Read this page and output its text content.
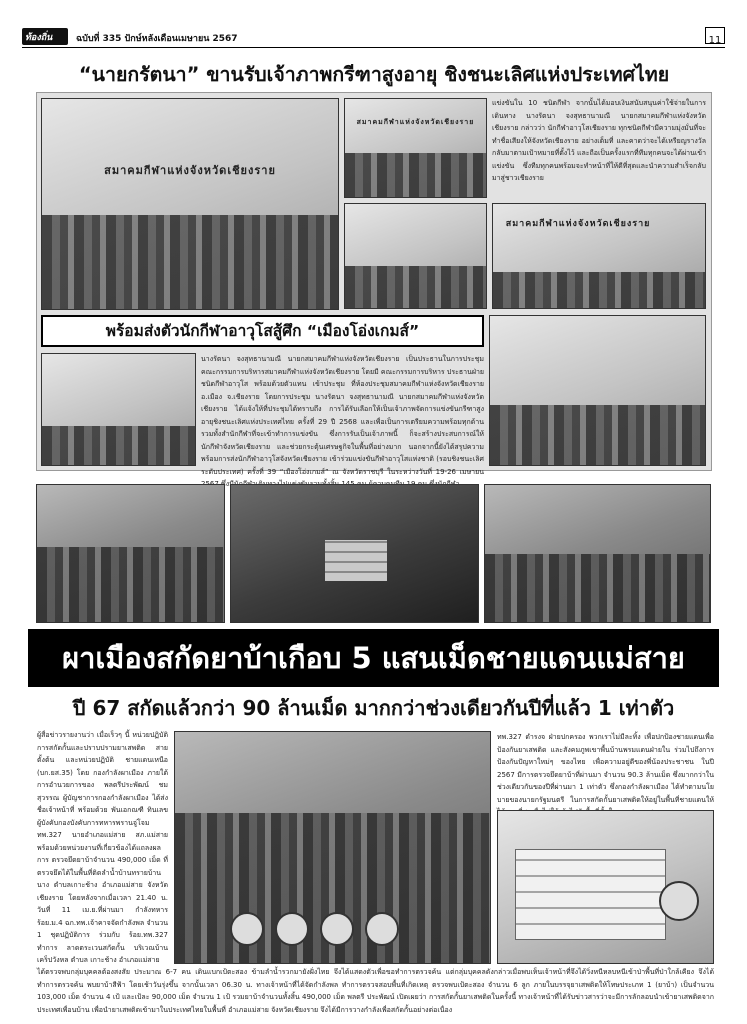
ท้องถิ่น	ฉบับที่ 335 ปักษ์หลังเดือนเมษายน 2567	11
“นายกรัตนา” ขานรับเจ้าภาพกรีฑาสูงอายุ ชิงชนะเลิศแห่งประเทศไทย
สมาคมกีฬาแห่งจังหวัดเชียงราย
สมาคมกีฬาแห่งจังหวัดเชียงราย
สมาคมกีฬาแห่งจังหวัดเชียงราย
แข่งขันใน 10 ชนิดกีฬา จากนั้นได้มอบเงินสนับสนุนค่าใช้จ่ายในการเดินทาง นางรัตนา จงสุทธานามณี นายกสมาคมกีฬาแห่งจังหวัดเชียงราย กล่าวว่า นักกีฬาอาวุโสเชียงราย ทุกชนิดกีฬามีความมุ่งมั่นที่จะทำชื่อเสียงให้จังหวัดเชียงราย อย่างเต็มที่ และคาดว่าจะได้เหรียญรางวัลกลับมาตามเป้าหมายที่ตั้งไว้ และถือเป็นครั้งแรกที่ทีมทุกคนจะได้ผ่านเข้าแข่งขัน ซึ่งทีมทุกคนพร้อมจะทำหน้าที่ให้ดีที่สุดและนำความสำเร็จกลับมาสู่ชาวเชียงราย
พร้อมส่งตัวนักกีฬาอาวุโสสู้ศึก “เมืองโอ่งเกมส์”
นางรัตนา จงสุทธานามณี นายกสมาคมกีฬาแห่งจังหวัดเชียงราย เป็นประธานในการประชุมคณะกรรมการบริหารสมาคมกีฬาแห่งจังหวัดเชียงราย โดยมี คณะกรรมการบริหาร ประธานฝ่ายชนิดกีฬาอาวุโส พร้อมด้วยตัวแทน เข้าประชุม ที่ห้องประชุมสมาคมกีฬาแห่งจังหวัดเชียงราย อ.เมือง จ.เชียงราย โดยการประชุม นางรัตนา จงสุทธานามณี นายกสมาคมกีฬาแห่งจังหวัดเชียงราย ได้แจ้งให้ที่ประชุมได้ทราบถึง การได้รับเลือกให้เป็นเจ้าภาพจัดการแข่งขันกรีฑาสูงอายุชิงชนะเลิศแห่งประเทศไทย ครั้งที่ 29 ปี 2568 และเพื่อเป็นการเตรียมความพร้อมทุกด้าน รวมทั้งสำนักกีฬาที่จะเข้าทำการแข่งขัน ซึ่งการรับเป็นเจ้าภาพนี้ ก็จะสร้างประสบการณ์ให้นักกีฬาจังหวัดเชียงราย และช่วยกระตุ้นเศรษฐกิจในพื้นที่อย่างมาก นอกจากนี้ยังได้สรุปความพร้อมการส่งนักกีฬาอาวุโสจังหวัดเชียงราย เข้าร่วมแข่งขันกีฬาอาวุโสแห่งชาติ (รอบชิงชนะเลิศระดับประเทศ) ครั้งที่ 39 “เมืองโอ่งเกมส์” ณ จังหวัดราชบุรี ในระหว่างวันที่ 19-26 เมษายน
ผาเมืองสกัดยาบ้าเกือบ 5 แสนเม็ดชายแดนแม่สาย
ปี 67 สกัดแล้วกว่า 90 ล้านเม็ด มากกว่าช่วงเดียวกันปีที่แล้ว 1 เท่าตัว
ผู้สื่อข่าวรายงานว่า เมื่อเร็วๆ นี้ หน่วยปฏิบัติการสกัดกั้นและปราบปรามยาเสพติด สาย ตั้งต้น และหน่วยปฏิบัติ ชายแดนเหนือ (บก.ยส.35) โดย กองกำลังผาเมือง ภายใต้การอำนวยการของ พลตรีประพัฒน์ ชมสุวรรณ ผู้บัญชาการกองกำลังผาเมือง ได้ส่งชื่อเจ้าหน้าที่ พร้อมด้วย พันเอกณฑี ทินเลข ผู้บังคับกองบังคับการทหารพรานจู่โจม ทพ.327 นายอำเภอแม่สาย สภ.แม่สาย พร้อมด้วยหน่วยงานที่เกี่ยวข้องได้แถลงผลการ ตรวจยึดยาบ้าจำนวน 490,000 เม็ด ที่ตรวจยึดได้ในพื้นที่ติดลำน้ำบ้านทรายบ้านนาง ตำบลเกาะช้าง อำเภอแม่สาย จังหวัดเชียงราย โดยหลังจากเมื่อเวลา 21.40 น. วันที่ 11 เม.ย.ที่ผ่านมา กำลังทหาร ร้อย.ม.4 ฉก.ทพ.เจ้าคาจจัดกำลังพล จำนวน 1 ชุดปฏิบัติการ ร่วมกับ ร้อย.ทพ.327 ทำการ ลาดตระเวนสกัดกั้น บริเวณบ้านเคร็ปวังหล ตำบล เกาะช้าง อำเภอแม่สาย
ทพ.327 ดำรงจ ฝ่ายปกครอง พวกเราไม่มีละทิ้ง เพื่อปกป้องชายแดนเพื่อป้องกันยาเสพติด และสังคมภูพเขาพื้นบ้านพรมแดนฝ่ายใน ร่วมไปถึงการป้องกันปัญหาใหม่ๆ ของไทย เพื่อความอยู่ดีของพี่น้องประชาชน ในปี 2567 มีการตรวจยึดยาบ้าที่ผ่านมา จำนวน 90.3 ล้านเม็ด ซึ่งมากกว่าในช่วงเดียวกันของปีที่ผ่านมา 1 เท่าตัว ซึ่งกองกำลังผาเมือง ได้ทำตามนโยบายของนายกรัฐมนตรี ในการสกัดกั้นยาเสพติดให้อยู่ในพื้นที่ชายแดนให้
ได้ตรวจพบกลุ่มบุคคลต้องสงสัย ประมาณ 6-7 คน เดินแบกเป้ตะสอง ข้ามลำน้ำรวกมายังฝั่งไทย จึงได้แสดงตัวเพื่อขอทำการตรวจค้น แต่กลุ่มบุคคลดังกล่าวเมื่อพบเห็นเจ้าหน้าที่จึงได้วิ่งหนีหลบหนีเข้าป่าพื้นที่ป่าใกล้เคียง จึงได้ทำการตรวจค้น พบยาบ้าสีฟ้า โดยเช้าวันรุ่งขึ้น จากนั้นเวลา 06.30 น. ทางเจ้าหน้าที่ได้จัดกำลังพล ทำการตรวจสอบพื้นที่เกิดเหตุ ตรวจพบเป้ตะสอง จำนวน 6 ลูก ภายในบรรจุยาเสพติดให้โทษประเภท 1 (ยาบ้า) เป็นจำนวน 103,000 เม็ด จำนวน 4 เป้ และเป้ละ 90,000 เม็ด จำนวน 1 เป้ รวมยาบ้าจำนวนทั้งสิ้น 490,000 เม็ด พลตรี ประพัฒน์ เปิดเผยว่า การสกัดกั้นยาเสพติดในครั้งนี้ ทางเจ้าหน้าที่ได้รับข่าวสารว่าจะมีการลักลอบนำเข้ายาเสพติดจากประเทศเพื่อนบ้าน เพื่อนำยาเสพติดเข้ามาในประเทศไทยในพื้นที่ อำเภอแม่สาย จังหวัดเชียงราย จึงได้มีการวางกำลังเพื่อสกัดกั้นอย่างต่อเนื่อง
